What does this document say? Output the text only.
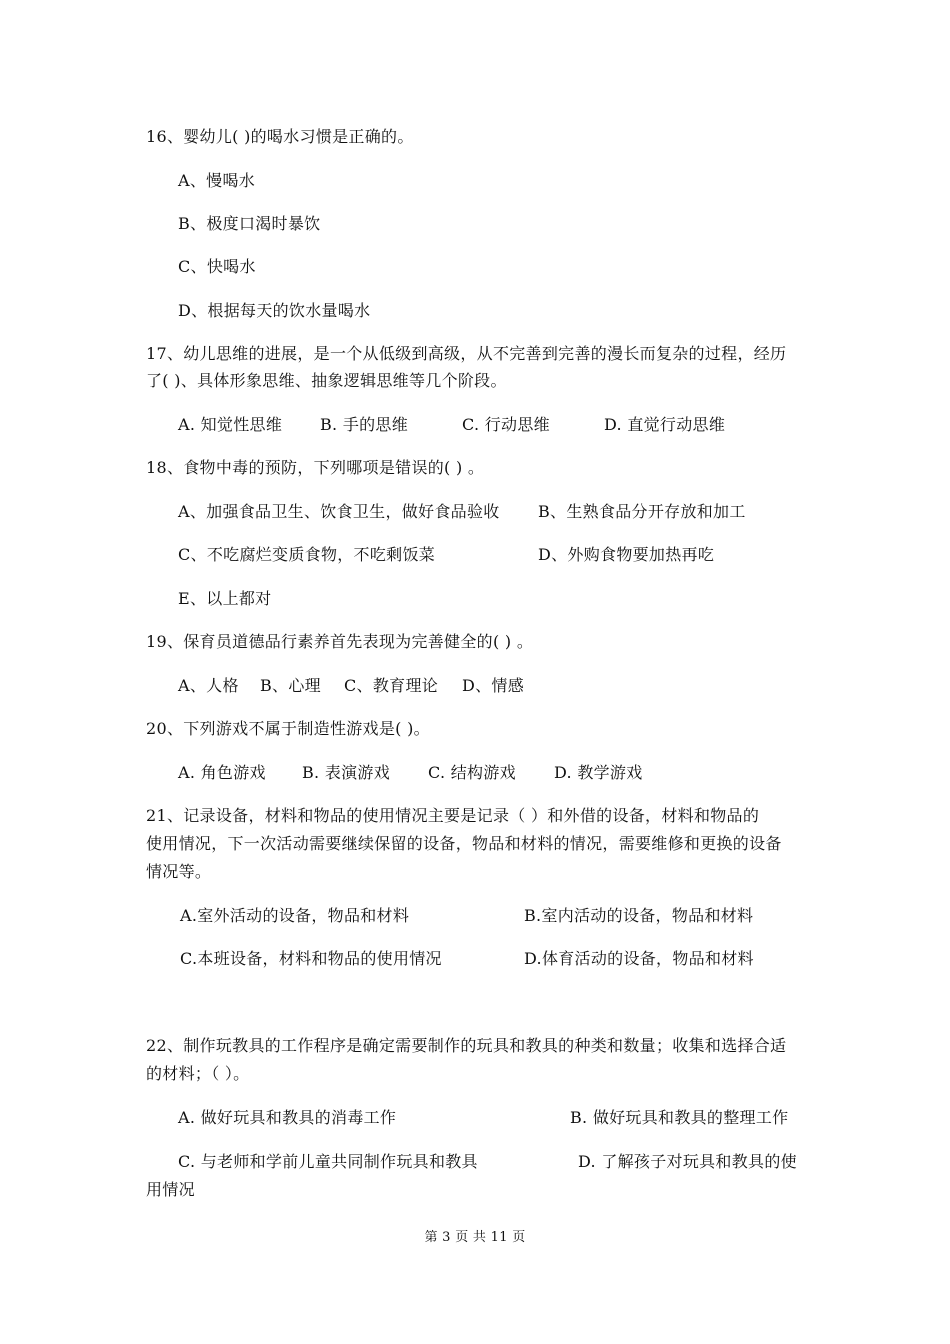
16、婴幼儿( )的喝水习惯是正确的。
A、慢喝水
B、极度口渴时暴饮
C、快喝水
D、根据每天的饮水量喝水
17、幼儿思维的进展，是一个从低级到高级，从不完善到完善的漫长而复杂的过程，经历
了( )、具体形象思维、抽象逻辑思维等几个阶段。
A. 知觉性思维 B. 手的思维	C. 行动思维	D. 直觉行动思维
18、食物中毒的预防，下列哪项是错误的( ) 。
A、加强食品卫生、饮食卫生，做好食品验收 B、生熟食品分开存放和加工
C、不吃腐烂变质食物，不吃剩饭菜	D、外购食物要加热再吃
E、以上都对
19、保育员道德品行素养首先表现为完善健全的( ) 。
A、人格 B、心理 C、教育理论 D、情感
20、下列游戏不属于制造性游戏是( )。
A. 角色游戏 B. 表演游戏 C. 结构游戏 D. 教学游戏
21、记录设备，材料和物品的使用情况主要是记录（ ）和外借的设备，材料和物品的
使用情况，下一次活动需要继续保留的设备，物品和材料的情况，需要维修和更换的设备
情况等。
A.室外活动的设备，物品和材料	B.室内活动的设备，物品和材料
C.本班设备，材料和物品的使用情况	D.体育活动的设备，物品和材料
22、制作玩教具的工作程序是确定需要制作的玩具和教具的种类和数量；收集和选择合适
的材料；（ ）。
A. 做好玩具和教具的消毒工作	B. 做好玩具和教具的整理工作
C. 与老师和学前儿童共同制作玩具和教具	D. 了解孩子对玩具和教具的使
用情况
第 3 页 共 11 页
